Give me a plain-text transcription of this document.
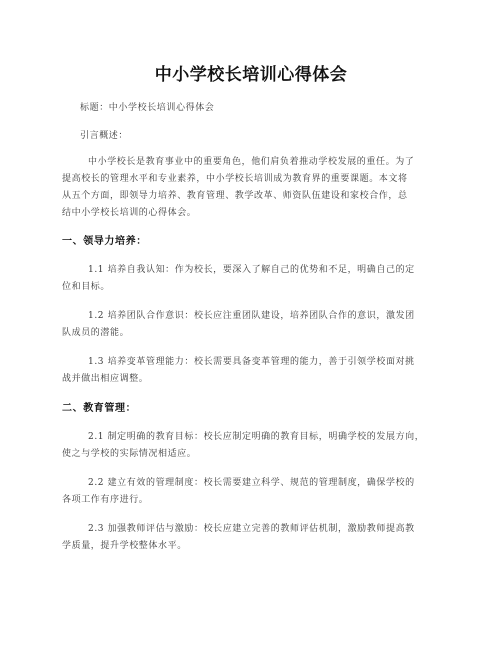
中小学校长培训心得体会
标题：中小学校长培训心得体会
引言概述：
中小学校长是教育事业中的重要角色，他们肩负着推动学校发展的重任。为了
提高校长的管理水平和专业素养，中小学校长培训成为教育界的重要课题。本文将
从五个方面，即领导力培养、教育管理、教学改革、师资队伍建设和家校合作，总
结中小学校长培训的心得体会。
一、领导力培养：
1.1 培养自我认知：作为校长，要深入了解自己的优势和不足，明确自己的定
位和目标。
1.2 培养团队合作意识：校长应注重团队建设，培养团队合作的意识，激发团
队成员的潜能。
1.3 培养变革管理能力：校长需要具备变革管理的能力，善于引领学校面对挑
战并做出相应调整。
二、教育管理：
2.1 制定明确的教育目标：校长应制定明确的教育目标，明确学校的发展方向，
使之与学校的实际情况相适应。
2.2 建立有效的管理制度：校长需要建立科学、规范的管理制度，确保学校的
各项工作有序进行。
2.3 加强教师评估与激励：校长应建立完善的教师评估机制，激励教师提高教
学质量，提升学校整体水平。
